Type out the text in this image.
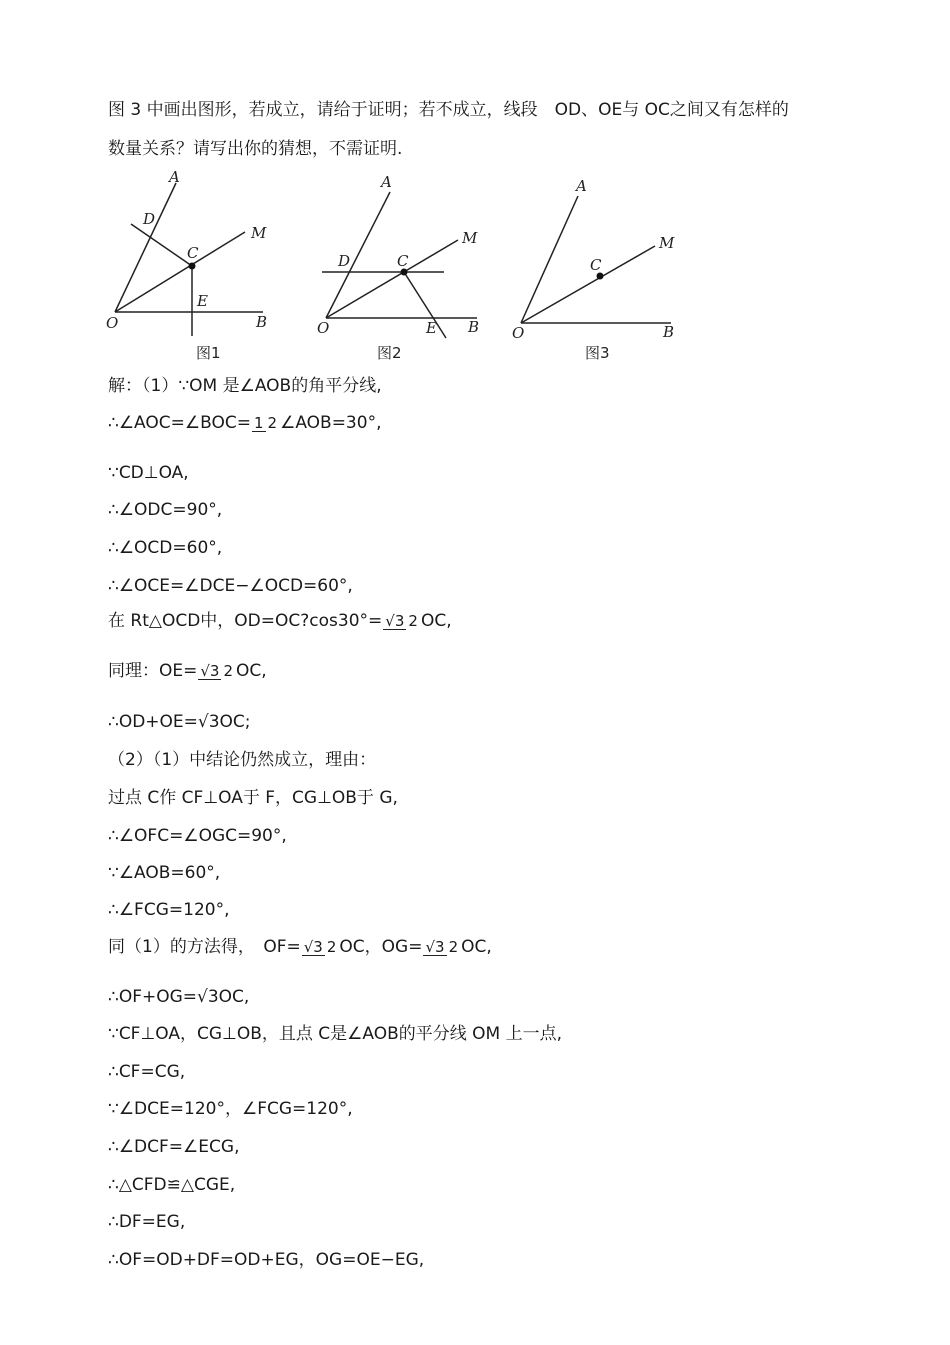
图 3 中画出图形，若成立，请给于证明；若不成立，线段　OD、OE与 OC之间又有怎样的
数量关系？请写出你的猜想，不需证明.
A
D
C
M
E
O	B
图1
A
M
D	C
O	E B
图2
A
M
C
O	B
图3
解：（1）∵OM 是∠AOB的角平分线,
∴∠AOC=∠BOC= 1 2 ∠AOB=30°,
∵CD⊥OA,
∴∠ODC=90°,
∴∠OCD=60°,
∴∠OCE=∠DCE−∠OCD=60°,
在 Rt△OCD中，OD=OC?cos30°= √3 2 OC,
同理：OE= √3 2 OC,
∴OD+OE=√3OC;
（2）（1）中结论仍然成立，理由：
过点 C作 CF⊥OA于 F，CG⊥OB于 G,
∴∠OFC=∠OGC=90°,
∵∠AOB=60°,
∴∠FCG=120°,
同（1）的方法得，　OF= √3 2 OC，OG= √3 2 OC,
∴OF+OG=√3OC,
∵CF⊥OA，CG⊥OB，且点 C是∠AOB的平分线 OM 上一点,
∴CF=CG,
∵∠DCE=120°，∠FCG=120°,
∴∠DCF=∠ECG,
∴△CFD≌△CGE,
∴DF=EG,
∴OF=OD+DF=OD+EG，OG=OE−EG,
